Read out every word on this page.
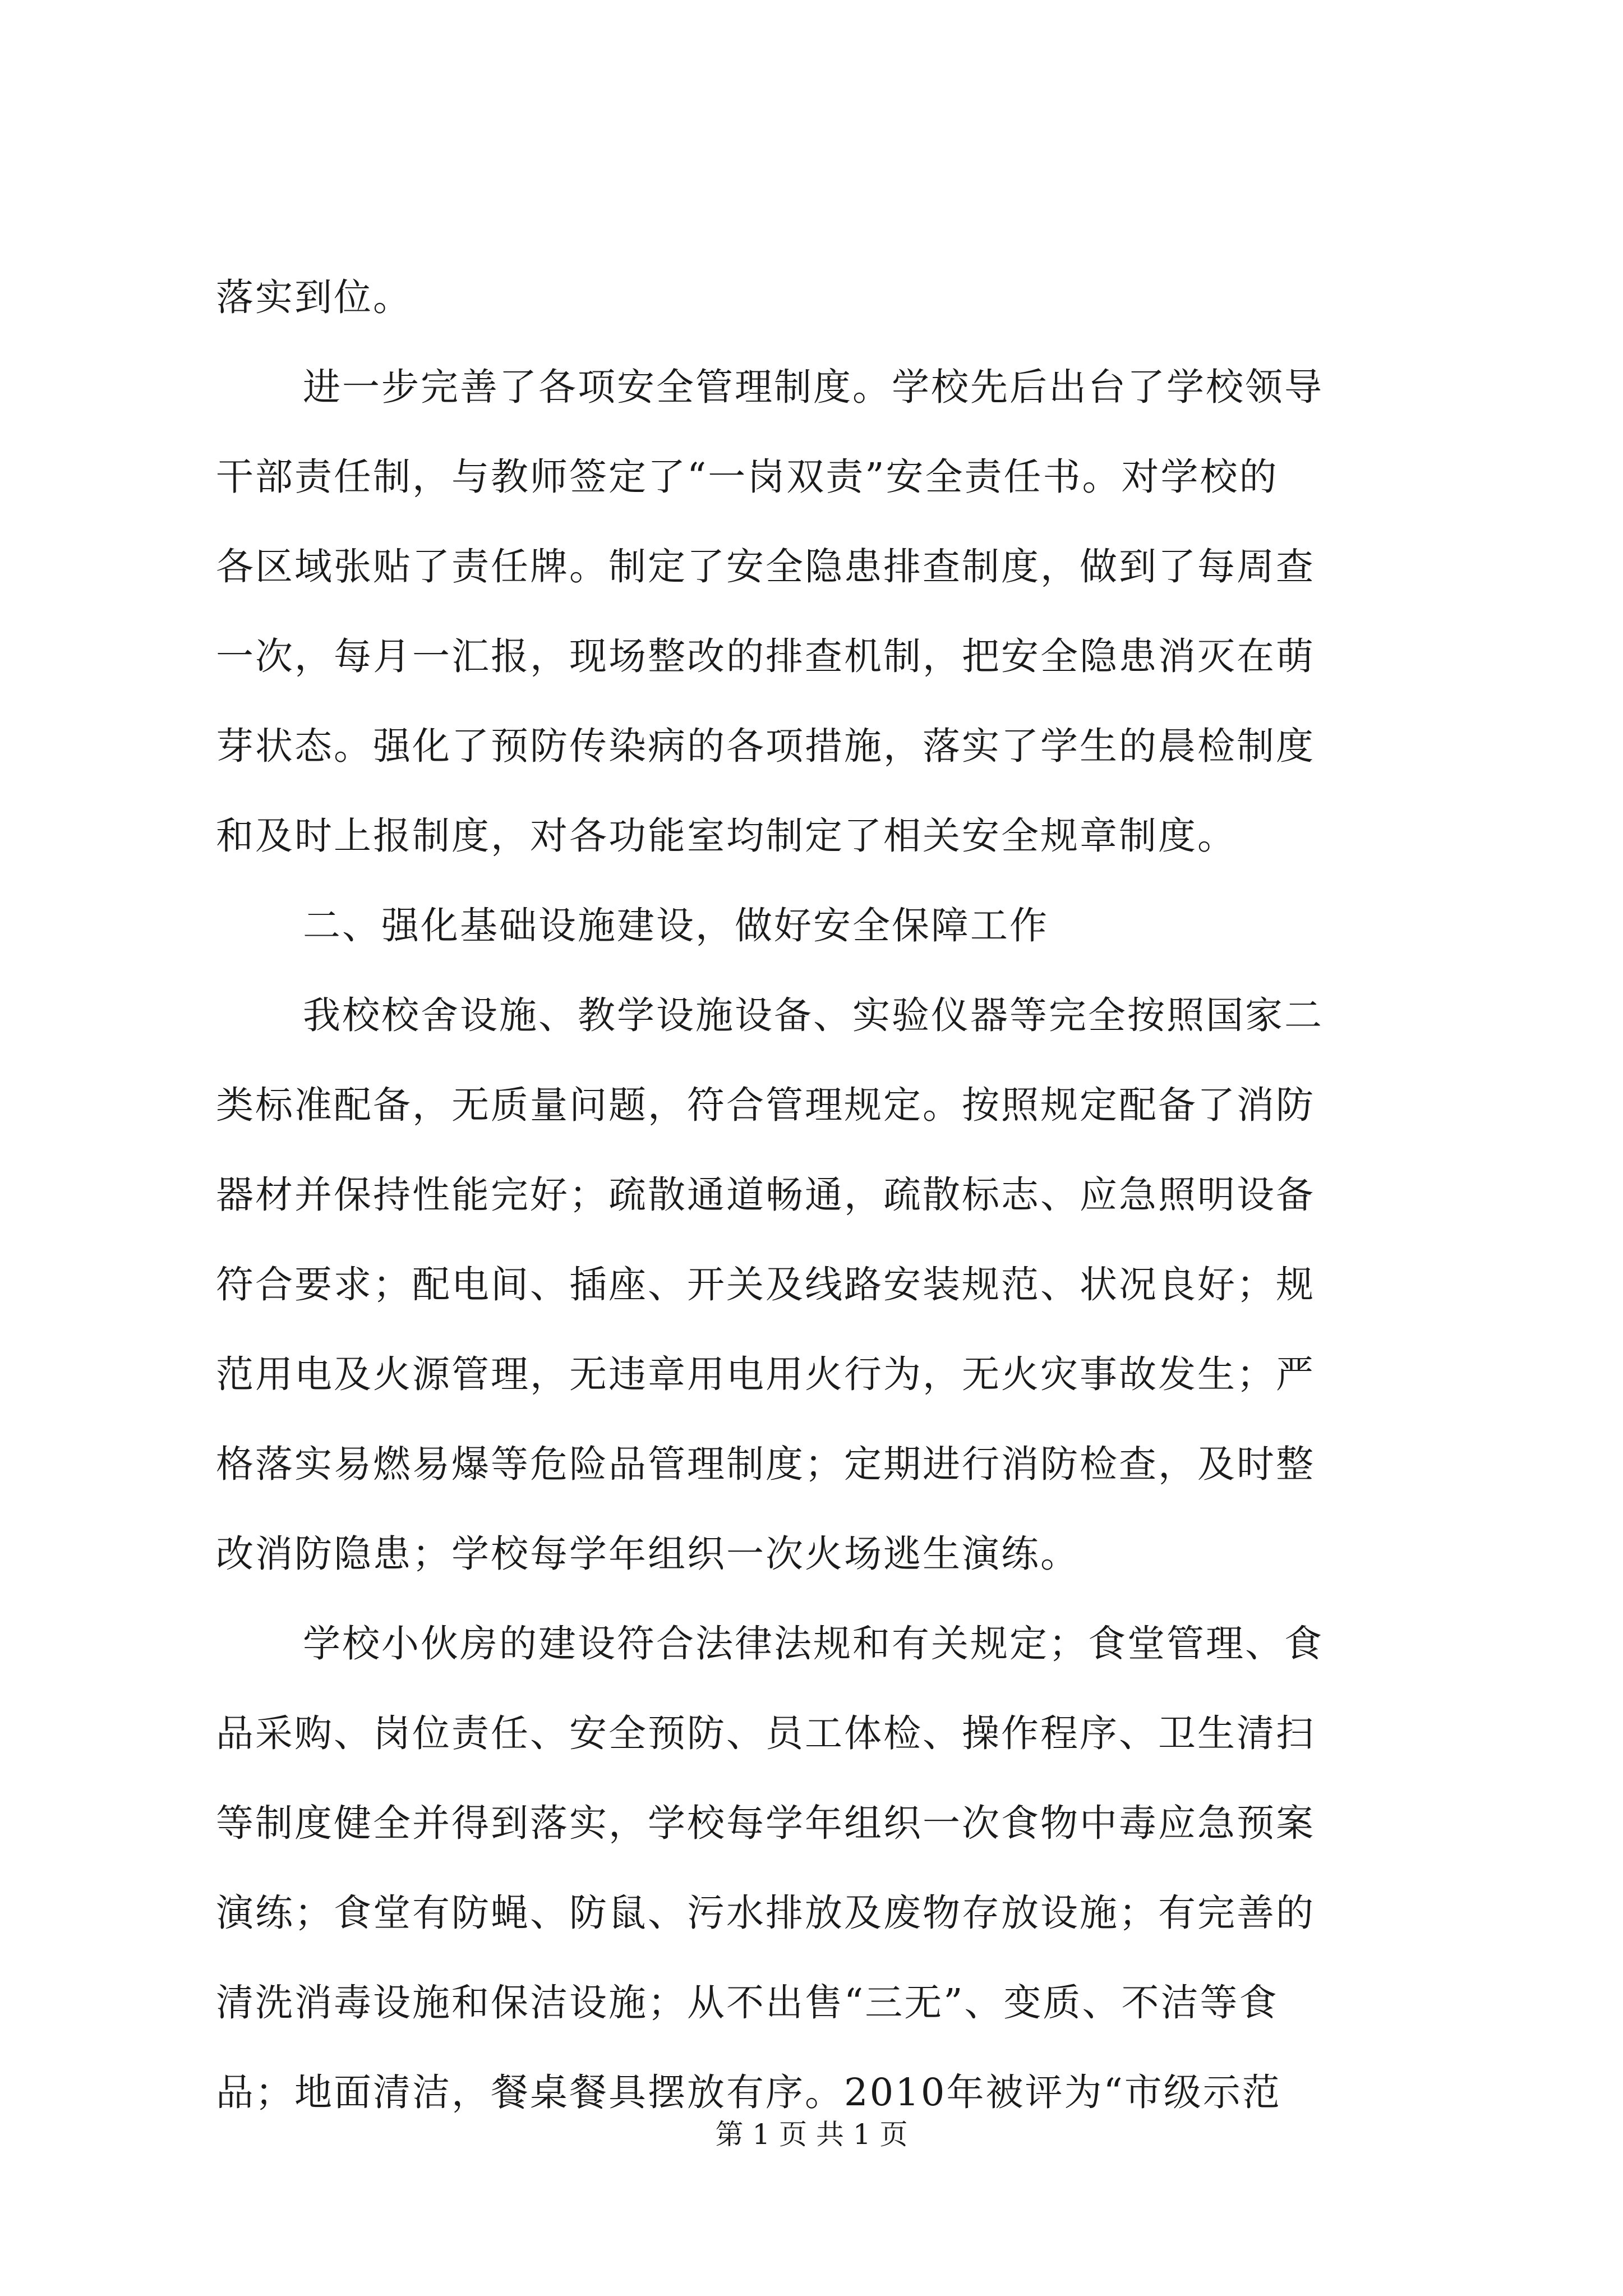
落实到位。
进一步完善了各项安全管理制度。学校先后出台了学校领导
干部责任制，与教师签定了“一岗双责”安全责任书。对学校的
各区域张贴了责任牌。制定了安全隐患排查制度，做到了每周查
一次，每月一汇报，现场整改的排查机制，把安全隐患消灭在萌
芽状态。强化了预防传染病的各项措施，落实了学生的晨检制度
和及时上报制度，对各功能室均制定了相关安全规章制度。
二、强化基础设施建设，做好安全保障工作
我校校舍设施、教学设施设备、实验仪器等完全按照国家二
类标准配备，无质量问题，符合管理规定。按照规定配备了消防
器材并保持性能完好；疏散通道畅通，疏散标志、应急照明设备
符合要求；配电间、插座、开关及线路安装规范、状况良好；规
范用电及火源管理，无违章用电用火行为，无火灾事故发生；严
格落实易燃易爆等危险品管理制度；定期进行消防检查，及时整
改消防隐患；学校每学年组织一次火场逃生演练。
学校小伙房的建设符合法律法规和有关规定；食堂管理、食
品采购、岗位责任、安全预防、员工体检、操作程序、卫生清扫
等制度健全并得到落实，学校每学年组织一次食物中毒应急预案
演练；食堂有防蝇、防鼠、污水排放及废物存放设施；有完善的
清洗消毒设施和保洁设施；从不出售“三无”、变质、不洁等食
品；地面清洁，餐桌餐具摆放有序。2010年被评为“市级示范
第 1 页 共 1 页
